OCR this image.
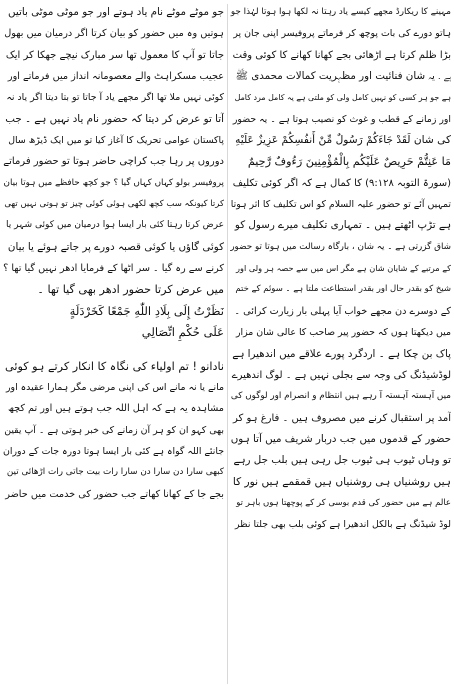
مہینے کا ریکارڈ مجھے کیسے یاد رہتا نہ لکھا ہوا ہوتا لہٰذا جو
ہاتو دورے کی بات پوچھ کر فرماتے پروفیسر اپنی جان پر
بڑا ظلم کرتا ہے اڑھائی بجے کھانا کھانے کا کوئی وقت
ہے ۔ یہ شان فنائیت اور مظہریت کمالات محمدی ﷺ
ہے جو ہر کسی کو نہیں کامل ولی کو ملتی ہے یہ کامل مرد کامل
اور زمانے کے قطب و غوث کو نصیب ہوتا ہے ۔ یہ حضور
کی شان لَقَدْ جَاءَكُمْ رَسُولٌ مِّنْ أَنفُسِكُمْ عَزِيزٌ عَلَيْهِ
مَا عَنِتُّمْ حَرِيصٌ عَلَيْكُم بِالْمُؤْمِنِينَ رَءُوفٌ رَّحِيمٌ
(سورۃ التوبہ ۹:۱۲۸) کا کمال ہے کہ اگر کوئی تکلیف
تمہیں آئے تو حضور علیہ السلام کو اس تکلیف کا اثر ہوتا
ہے تڑپ اٹھتے ہیں ۔ تمہاری تکلیف میرے رسول کو
شاق گزرتی ہے ۔ یہ شان ، بارگاہ رسالت میں ہوتا تو حضور
کے مرتبے کے شایان شان ہے مگر اس میں سے حصہ ہر ولی اور
شیخ کو بقدر حال اور بقدر استطاعت ملتا ہے ۔ سوئم کے ختم
کے دوسرے دن مجھے خواب آیا پہلی بار زیارت کرائی ۔
میں دیکھتا ہوں کہ حضور پیر صاحب کا عالی شان مزار
پاک بن چکا ہے ۔ اردگرد پورے علاقے میں اندھیرا ہے
لوڈشیڈنگ کی وجہ سے بجلی نہیں ہے ۔ لوگ اندھیرے
میں آہستہ آہستہ آ رہے ہیں انتظام و انصرام اور لوگوں کی
آمد پر استقبال کرنے میں مصروف ہیں ۔ فارغ ہو کر
حضور کے قدموں میں جب دربار شریف میں آتا ہوں
تو وہاں ٹیوب ہی ٹیوب جل رہی ہیں بلب جل رہے
ہیں روشنیاں ہی روشنیاں ہیں قمقمے ہیں نور کا
عالم ہے میں حضور کی قدم بوسی کر کے پوچھتا ہوں باہر تو
لوڈ شیڈنگ ہے بالکل اندھیرا ہے کوئی بلب بھی جلتا نظر
جو موٹے موٹے نام یاد ہوتے اور جو موٹی موٹی باتیں
ہوتیں وہ میں حضور کو بیان کرتا اگر درمیان میں بھول
جاتا تو آپ کا معمول تھا سر مبارک نیچے جھکا کر ایک
عجیب مسکراہٹ والے معصومانہ انداز میں فرماتے اور
کوئی نہیں ملا تھا اگر مجھے یاد آ جاتا تو بتا دیتا اگر یاد نہ
آتا تو عرض کر دیتا کہ حضور نام یاد نہیں ہے ۔ جب
پاکستان عوامی تحریک کا آغاز کیا تو میں ایک ڈیڑھ سال
دوروں پر رہا جب کراچی حاضر ہوتا تو حضور فرماتے
پروفیسر بولو کہاں کہاں گیا ؟ جو کچھ حافظے میں ہوتا بیان
کرتا کیونکہ سب کچھ لکھی ہوئی کوئی چیز تو ہوتی نہیں تھی
عرض کرتا رہتا کئی بار ایسا ہوا درمیان میں کوئی شہر یا
کوئی گاؤں یا کوئی قصبہ دورے پر جاتے ہوئے یا بیان
کرنے سے رہ گیا ۔ سر اٹھا کے فرمایا ادھر نہیں گیا تھا ؟
میں عرض کرتا حضور ادھر بھی گیا تھا ۔
نَظَرْتُ إِلَى بِلَادِ اللّٰهِ جَمْعًا كَخَرْدَلَةٍ
عَلَى حُكْمِ اتِّصَالِي
نادانو ! تم اولیاء کی نگاہ کا انکار کرتے ہو کوئی
مانے یا نہ مانے اس کی اپنی مرضی مگر ہمارا عقیدہ اور
مشاہدہ یہ ہے کہ اہل اللہ جب ہوتے ہیں اور تم کچھ
بھی کہو ان کو ہر آن زمانے کی خبر ہوتی ہے ۔ آپ یقین
جانئے اللہ گواہ ہے کئی بار ایسا ہوتا دورہ جات کے دوران
کبھی سارا دن سارا دن سارا رات بیت جاتی رات اڑھائی تین
بجے جا کے کھانا کھاتے جب حضور کی خدمت میں حاضر
